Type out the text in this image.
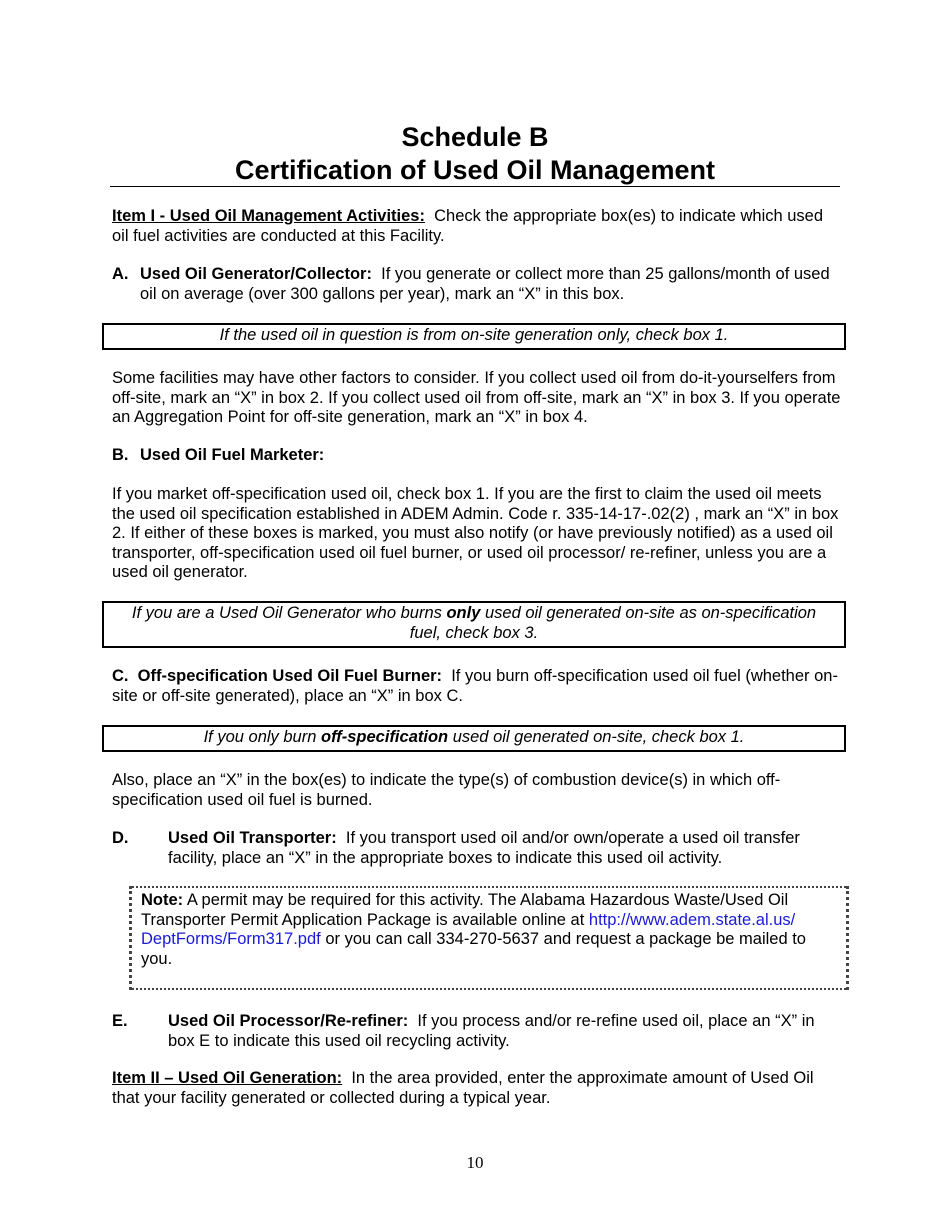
Schedule B
Certification of Used Oil Management

Item I - Used Oil Management Activities: Check the appropriate box(es) to indicate which used oil fuel activities are conducted at this Facility.

A. Used Oil Generator/Collector: If you generate or collect more than 25 gallons/month of used oil on average (over 300 gallons per year), mark an “X” in this box.

If the used oil in question is from on-site generation only, check box 1.

Some facilities may have other factors to consider. If you collect used oil from do-it-yourselfers from off-site, mark an “X” in box 2. If you collect used oil from off-site, mark an “X” in box 3. If you operate an Aggregation Point for off-site generation, mark an “X” in box 4.

B. Used Oil Fuel Marketer:

If you market off-specification used oil, check box 1. If you are the first to claim the used oil meets the used oil specification established in ADEM Admin. Code r. 335-14-17-.02(2) , mark an “X” in box 2. If either of these boxes is marked, you must also notify (or have previously notified) as a used oil transporter, off-specification used oil fuel burner, or used oil processor/ re-refiner, unless you are a used oil generator.

If you are a Used Oil Generator who burns only used oil generated on-site as on-specification fuel, check box 3.

C. Off-specification Used Oil Fuel Burner: If you burn off-specification used oil fuel (whether on-site or off-site generated), place an “X” in box C.

If you only burn off-specification used oil generated on-site, check box 1.

Also, place an “X” in the box(es) to indicate the type(s) of combustion device(s) in which off-specification used oil fuel is burned.

D. Used Oil Transporter: If you transport used oil and/or own/operate a used oil transfer facility, place an “X” in the appropriate boxes to indicate this used oil activity.

Note: A permit may be required for this activity. The Alabama Hazardous Waste/Used Oil Transporter Permit Application Package is available online at http://www.adem.state.al.us/ DeptForms/Form317.pdf or you can call 334-270-5637 and request a package be mailed to you.
E. Used Oil Processor/Re-refiner: If you process and/or re-refine used oil, place an “X” in box E to indicate this used oil recycling activity.

Item II – Used Oil Generation: In the area provided, enter the approximate amount of Used Oil that your facility generated or collected during a typical year.

10
